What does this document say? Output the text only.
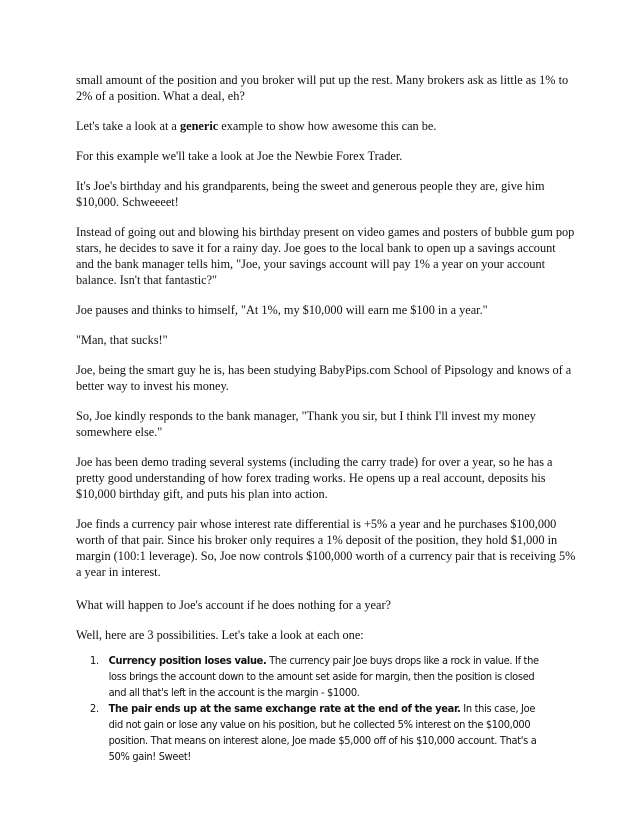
small amount of the position and you broker will put up the rest. Many brokers ask as little as 1% to 2% of a position. What a deal, eh?

Let's take a look at a generic example to show how awesome this can be.

For this example we'll take a look at Joe the Newbie Forex Trader.

It's Joe's birthday and his grandparents, being the sweet and generous people they are, give him $10,000. Schweeeet!

Instead of going out and blowing his birthday present on video games and posters of bubble gum pop stars, he decides to save it for a rainy day. Joe goes to the local bank to open up a savings account and the bank manager tells him, "Joe, your savings account will pay 1% a year on your account balance. Isn't that fantastic?"

Joe pauses and thinks to himself, "At 1%, my $10,000 will earn me $100 in a year."

"Man, that sucks!"

Joe, being the smart guy he is, has been studying BabyPips.com School of Pipsology and knows of a better way to invest his money.

So, Joe kindly responds to the bank manager, "Thank you sir, but I think I'll invest my money somewhere else."

Joe has been demo trading several systems (including the carry trade) for over a year, so he has a pretty good understanding of how forex trading works. He opens up a real account, deposits his $10,000 birthday gift, and puts his plan into action.

Joe finds a currency pair whose interest rate differential is +5% a year and he purchases $100,000 worth of that pair. Since his broker only requires a 1% deposit of the position, they hold $1,000 in margin (100:1 leverage). So, Joe now controls $100,000 worth of a currency pair that is receiving 5% a year in interest.

What will happen to Joe's account if he does nothing for a year?

Well, here are 3 possibilities. Let's take a look at each one:

1. Currency position loses value. The currency pair Joe buys drops like a rock in value. If the loss brings the account down to the amount set aside for margin, then the position is closed and all that's left in the account is the margin - $1000.
2. The pair ends up at the same exchange rate at the end of the year. In this case, Joe did not gain or lose any value on his position, but he collected 5% interest on the $100,000 position. That means on interest alone, Joe made $5,000 off of his $10,000 account. That's a 50% gain! Sweet!
